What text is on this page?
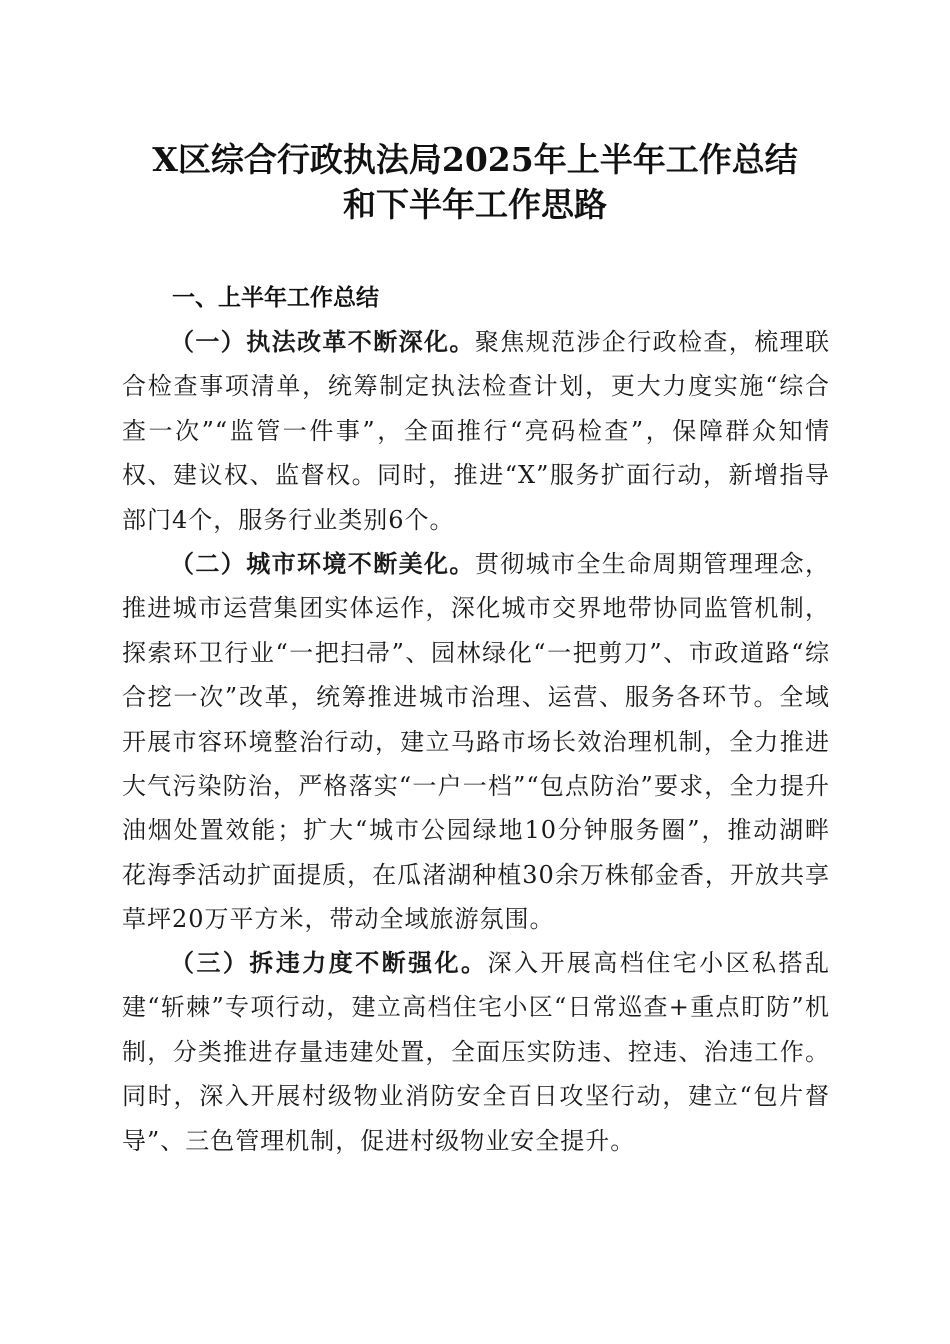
X区综合行政执法局2025年上半年工作总结
和下半年工作思路
一、上半年工作总结
（一）执法改革不断深化。聚焦规范涉企行政检查，梳理联合检查事项清单，统筹制定执法检查计划，更大力度实施“综合查一次”“监管一件事”，全面推行“亮码检查”，保障群众知情权、建议权、监督权。同时，推进“X”服务扩面行动，新增指导部门4个，服务行业类别6个。
（二）城市环境不断美化。贯彻城市全生命周期管理理念，推进城市运营集团实体运作，深化城市交界地带协同监管机制，探索环卫行业“一把扫帚”、园林绿化“一把剪刀”、市政道路“综合挖一次”改革，统筹推进城市治理、运营、服务各环节。全域开展市容环境整治行动，建立马路市场长效治理机制，全力推进大气污染防治，严格落实“一户一档”“包点防治”要求，全力提升油烟处置效能；扩大“城市公园绿地10分钟服务圈”，推动湖畔花海季活动扩面提质，在瓜渚湖种植30余万株郁金香，开放共享草坪20万平方米，带动全域旅游氛围。
（三）拆违力度不断强化。深入开展高档住宅小区私搭乱建“斩棘”专项行动，建立高档住宅小区“日常巡查+重点盯防”机制，分类推进存量违建处置，全面压实防违、控违、治违工作。同时，深入开展村级物业消防安全百日攻坚行动，建立“包片督导”、三色管理机制，促进村级物业安全提升。
